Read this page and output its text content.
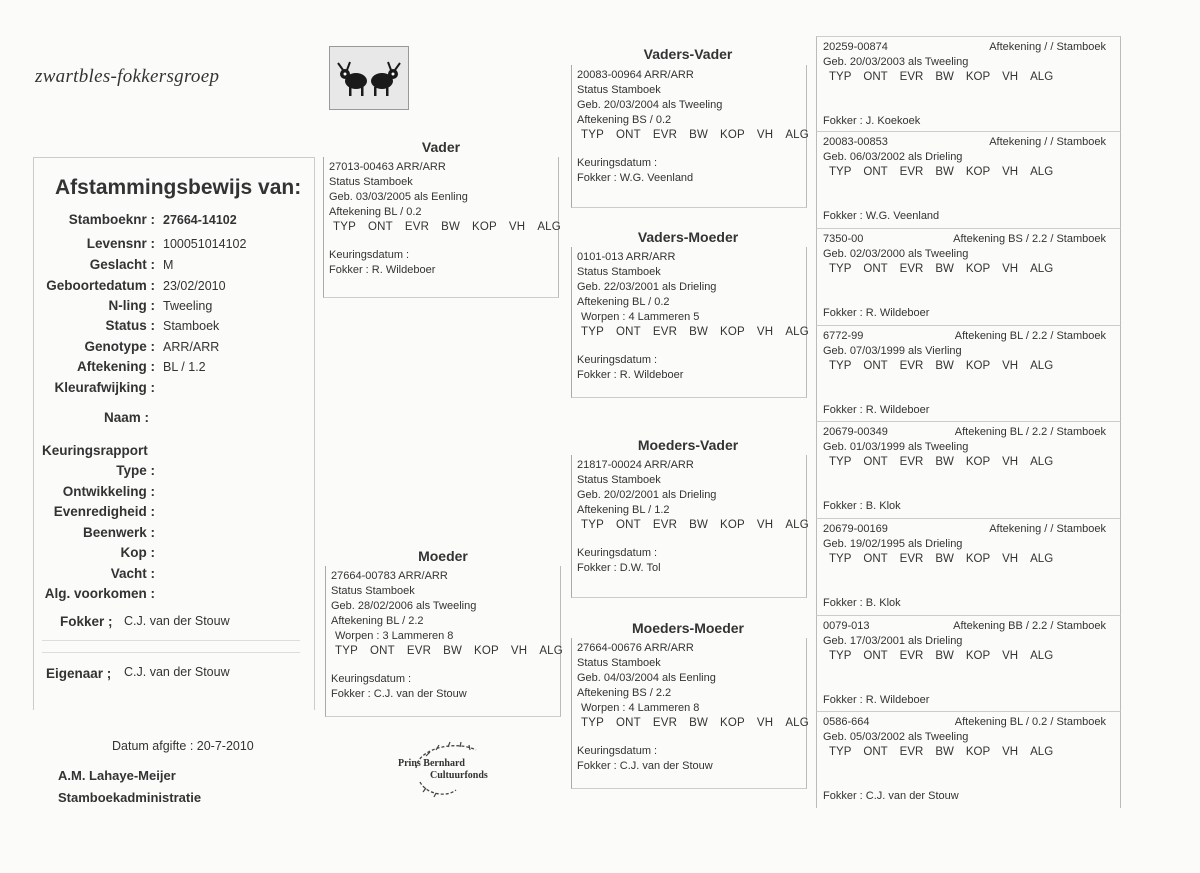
zwartbles-fokkersgroep
Afstammingsbewijs van:
Stamboeknr : 27664-14102
Levensnr : 100051014102
Geslacht : M
Geboortedatum : 23/02/2010
N-ling : Tweeling
Status : Stamboek
Genotype : ARR/ARR
Aftekening : BL / 1.2
Kleurafwijking :
Naam :
Keuringsrapport
Type :
Ontwikkeling :
Evenredigheid :
Beenwerk :
Kop :
Vacht :
Alg. voorkomen :
Fokker ; C.J. van der Stouw
Eigenaar ; C.J. van der Stouw
Vader
27013-00463 ARR/ARR
Status Stamboek
Geb. 03/03/2005 als Eenling
Aftekening BL / 0.2
TYP ONT EVR BW KOP VH ALG
Keuringsdatum :
Fokker : R. Wildeboer
Moeder
27664-00783 ARR/ARR
Status Stamboek
Geb. 28/02/2006 als Tweeling
Aftekening BL / 2.2
Worpen : 3 Lammeren 8
TYP ONT EVR BW KOP VH ALG
Keuringsdatum :
Fokker : C.J. van der Stouw
Vaders-Vader
20083-00964 ARR/ARR
Status Stamboek
Geb. 20/03/2004 als Tweeling
Aftekening BS / 0.2
TYP ONT EVR BW KOP VH ALG
Keuringsdatum :
Fokker : W.G. Veenland
Vaders-Moeder
0101-013 ARR/ARR
Status Stamboek
Geb. 22/03/2001 als Drieling
Aftekening BL / 0.2
Worpen : 4 Lammeren 5
TYP ONT EVR BW KOP VH ALG
Keuringsdatum :
Fokker : R. Wildeboer
Moeders-Vader
21817-00024 ARR/ARR
Status Stamboek
Geb. 20/02/2001 als Drieling
Aftekening BL / 1.2
TYP ONT EVR BW KOP VH ALG
Keuringsdatum :
Fokker : D.W. Tol
Moeders-Moeder
27664-00676 ARR/ARR
Status Stamboek
Geb. 04/03/2004 als Eenling
Aftekening BS / 2.2
Worpen : 4 Lammeren 8
TYP ONT EVR BW KOP VH ALG
Keuringsdatum :
Fokker : C.J. van der Stouw
20259-00874	Aftekening / / Stamboek
Geb. 20/03/2003 als Tweeling
TYP ONT EVR BW KOP VH ALG
Fokker : J. Koekoek
20083-00853	Aftekening / / Stamboek
Geb. 06/03/2002 als Drieling
TYP ONT EVR BW KOP VH ALG
Fokker : W.G. Veenland
7350-00	Aftekening BS / 2.2 / Stamboek
Geb. 02/03/2000 als Tweeling
TYP ONT EVR BW KOP VH ALG
Fokker : R. Wildeboer
6772-99	Aftekening BL / 2.2 / Stamboek
Geb. 07/03/1999 als Vierling
TYP ONT EVR BW KOP VH ALG
Fokker : R. Wildeboer
20679-00349	Aftekening BL / 2.2 / Stamboek
Geb. 01/03/1999 als Tweeling
TYP ONT EVR BW KOP VH ALG
Fokker : B. Klok
20679-00169	Aftekening / / Stamboek
Geb. 19/02/1995 als Drieling
TYP ONT EVR BW KOP VH ALG
Fokker : B. Klok
0079-013	Aftekening BB / 2.2 / Stamboek
Geb. 17/03/2001 als Drieling
TYP ONT EVR BW KOP VH ALG
Fokker : R. Wildeboer
0586-664	Aftekening BL / 0.2 / Stamboek
Geb. 05/03/2002 als Tweeling
TYP ONT EVR BW KOP VH ALG
Fokker : C.J. van der Stouw
Datum afgifte : 20-7-2010
A.M. Lahaye-Meijer
Stamboekadministratie
Prins Bernhard
Cultuurfonds
